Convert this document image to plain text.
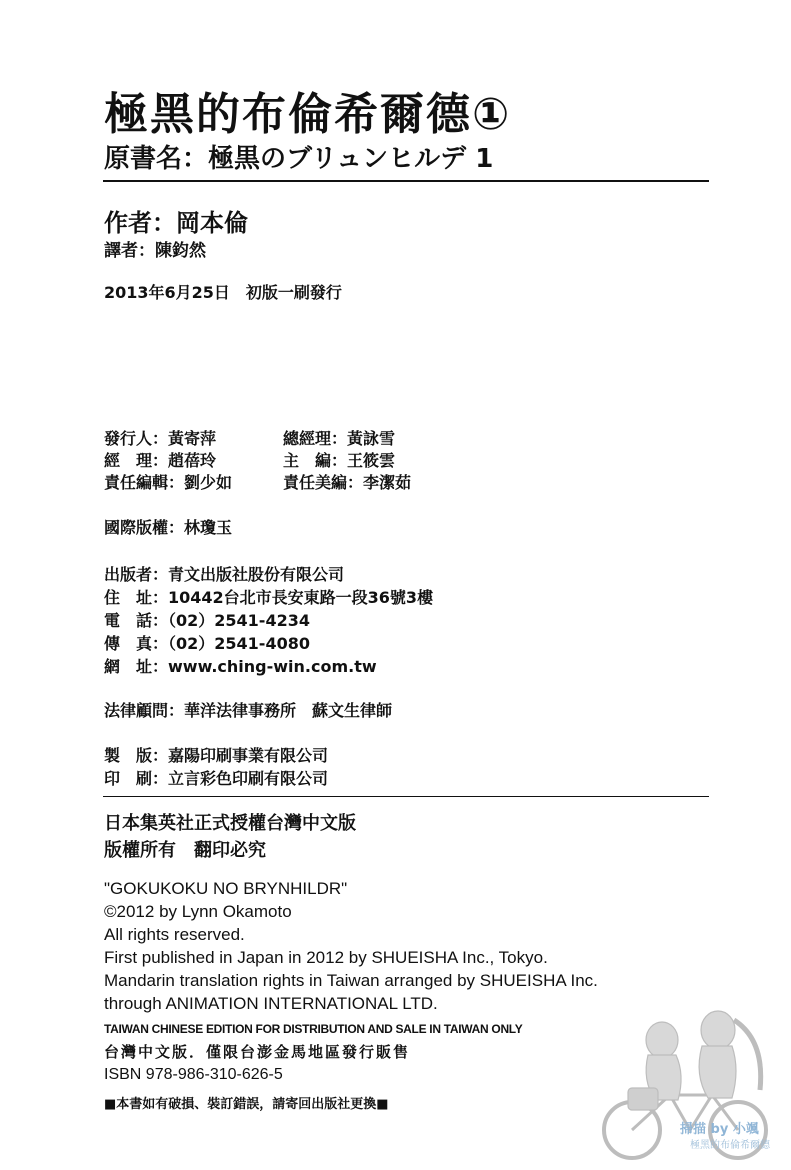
極黑的布倫希爾德①
原書名：極黒のブリュンヒルデ 1
作者：岡本倫
譯者：陳鈞然
2013年6月25日　初版一刷發行
發行人：黃寄萍	總經理：黃詠雪
經　理：趙蓓玲	主　編：王筱雲
責任編輯：劉少如	責任美編：李潔茹
國際版權：林瓊玉
出版者：青文出版社股份有限公司
住　址：10442台北市長安東路一段36號3樓
電　話：（02）2541-4234
傳　真：（02）2541-4080
網　址：www.ching-win.com.tw
法律顧問：華洋法律事務所　蘇文生律師
製　版：嘉陽印刷事業有限公司
印　刷：立言彩色印刷有限公司
日本集英社正式授權台灣中文版
版權所有　翻印必究
"GOKUKOKU NO BRYNHILDR"
©2012 by Lynn Okamoto
All rights reserved.
First published in Japan in 2012 by SHUEISHA Inc., Tokyo.
Mandarin translation rights in Taiwan arranged by SHUEISHA Inc.
through ANIMATION INTERNATIONAL LTD.
TAIWAN CHINESE EDITION FOR DISTRIBUTION AND SALE IN TAIWAN ONLY
台灣中文版．僅限台澎金馬地區發行販售
ISBN 978-986-310-626-5
■本書如有破損、裝訂錯誤，請寄回出版社更換■
掃描 by 小颯
極黑的布倫希爾德
